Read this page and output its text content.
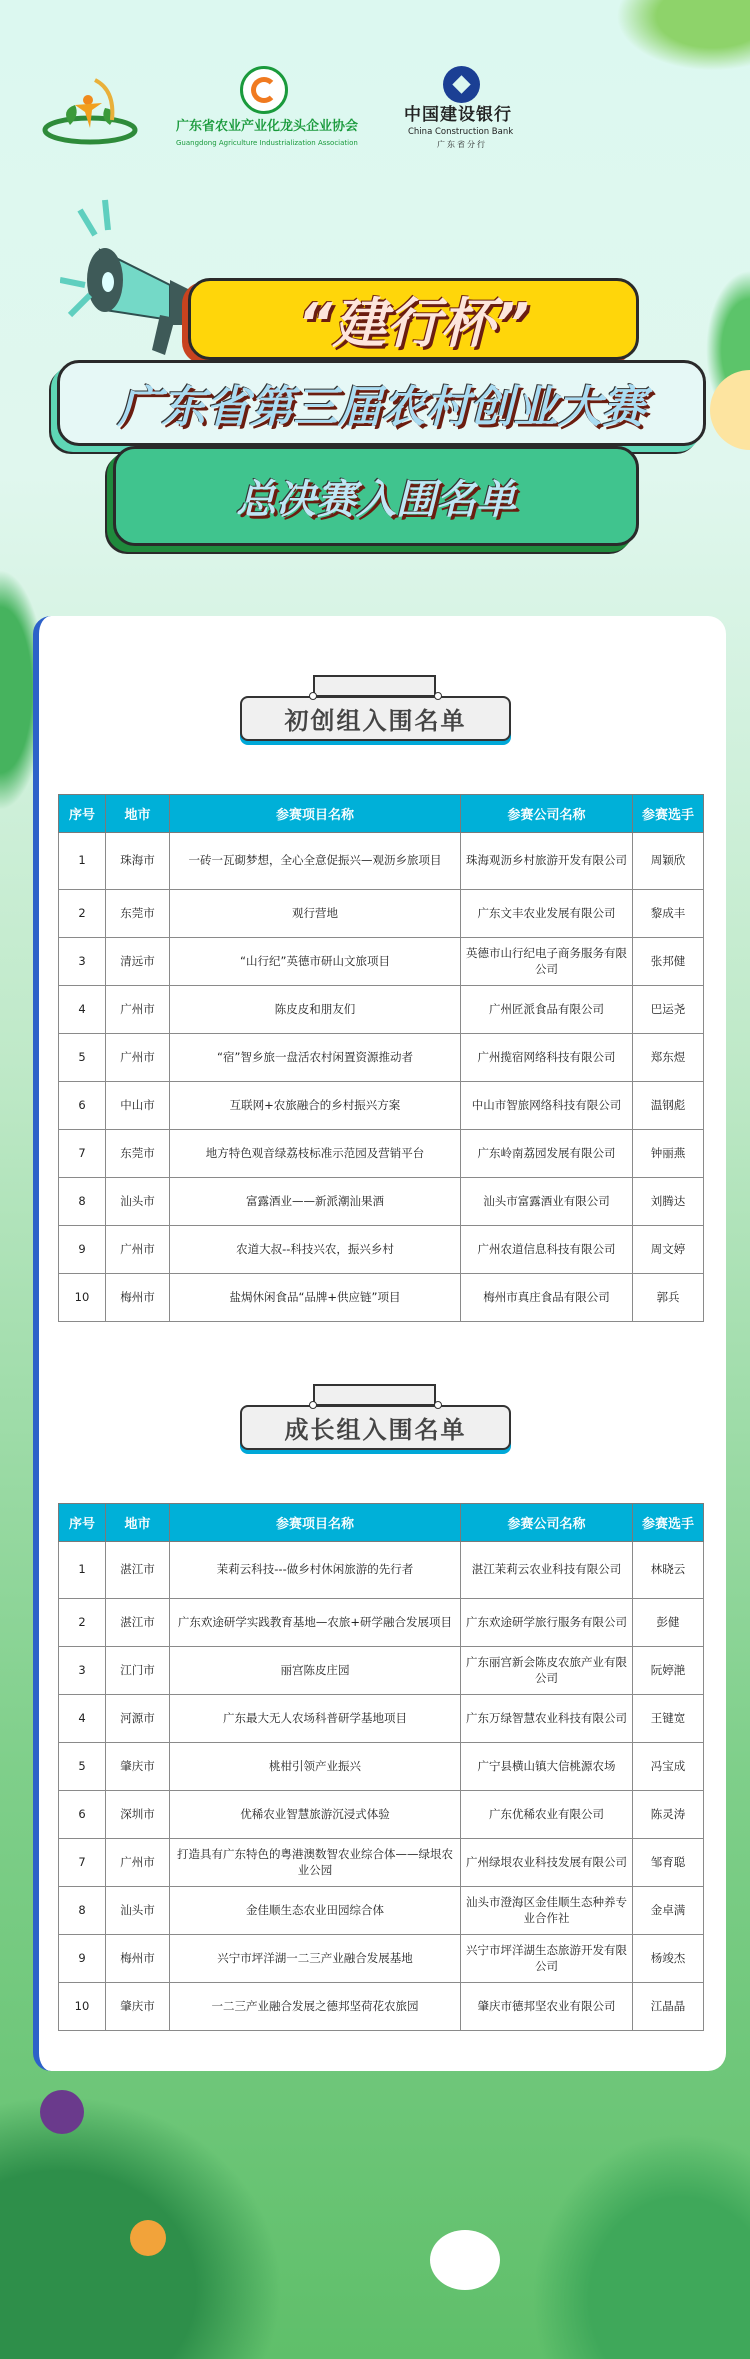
广东省农业产业化龙头企业协会
Guangdong Agriculture Industrialization Association
中国建设银行
China Construction Bank
广东省分行
“建行杯”
广东省第三届农村创业大赛
总决赛入围名单
初创组入围名单
序号	地市	参赛项目名称	参赛公司名称	参赛选手
1	珠海市	一砖一瓦砌梦想，全心全意促振兴—观沥乡旅项目	珠海观沥乡村旅游开发有限公司	周颖欣
2	东莞市	观行营地	广东文丰农业发展有限公司	黎成丰
3	清远市	“山行纪”英德市研山文旅项目	英德市山行纪电子商务服务有限公司	张邦健
4	广州市	陈皮皮和朋友们	广州匠派食品有限公司	巴运尧
5	广州市	“宿”智乡旅一盘活农村闲置资源推动者	广州揽宿网络科技有限公司	郑东煜
6	中山市	互联网+农旅融合的乡村振兴方案	中山市智旅网络科技有限公司	温钢彪
7	东莞市	地方特色观音绿荔枝标准示范园及营销平台	广东岭南荔园发展有限公司	钟丽燕
8	汕头市	富露酒业——新派潮汕果酒	汕头市富露酒业有限公司	刘腾达
9	广州市	农道大叔--科技兴农，振兴乡村	广州农道信息科技有限公司	周文婷
10	梅州市	盐焗休闲食品“品牌+供应链”项目	梅州市真庄食品有限公司	郭兵
成长组入围名单
序号	地市	参赛项目名称	参赛公司名称	参赛选手
1	湛江市	茉莉云科技---做乡村休闲旅游的先行者	湛江茉莉云农业科技有限公司	林晓云
2	湛江市	广东欢途研学实践教育基地—农旅+研学融合发展项目	广东欢途研学旅行服务有限公司	彭健
3	江门市	丽宫陈皮庄园	广东丽宫新会陈皮农旅产业有限公司	阮婷滟
4	河源市	广东最大无人农场科普研学基地项目	广东万绿智慧农业科技有限公司	王键宽
5	肇庆市	桃柑引领产业振兴	广宁县横山镇大信桃源农场	冯宝成
6	深圳市	优稀农业智慧旅游沉浸式体验	广东优稀农业有限公司	陈灵涛
7	广州市	打造具有广东特色的粤港澳数智农业综合体——绿垠农业公园	广州绿垠农业科技发展有限公司	邹育聪
8	汕头市	金佳顺生态农业田园综合体	汕头市澄海区金佳顺生态种养专业合作社	金卓满
9	梅州市	兴宁市坪洋湖一二三产业融合发展基地	兴宁市坪洋湖生态旅游开发有限公司	杨竣杰
10	肇庆市	一二三产业融合发展之德邦坚荷花农旅园	肇庆市德邦坚农业有限公司	江晶晶
